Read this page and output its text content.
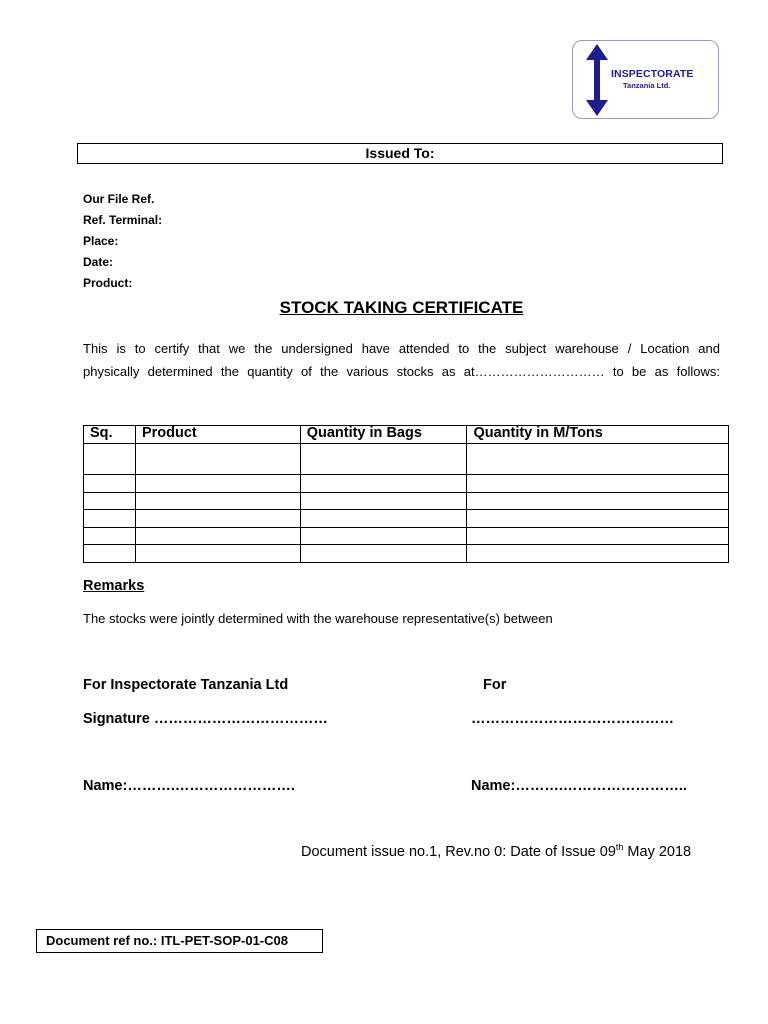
INSPECTORATE
Tanzania Ltd.
Issued To:
Our File Ref.
Ref. Terminal:
Place:
Date:
Product:
STOCK TAKING CERTIFICATE
This is to certify that we the undersigned have attended to the subject warehouse / Location and
physically determined the quantity of the various stocks as at………………………… to be as follows:
Sq.	Product	Quantity in Bags	Quantity in M/Tons

Remarks
The stocks were jointly determined with the warehouse representative(s) between
For Inspectorate Tanzania Ltd	For
Signature ………………………………	……………………………………
Name:……….…………………….	Name:……….……………………..
Document issue no.1, Rev.no 0: Date of Issue 09th May 2018
Document ref no.: ITL-PET-SOP-01-C08
